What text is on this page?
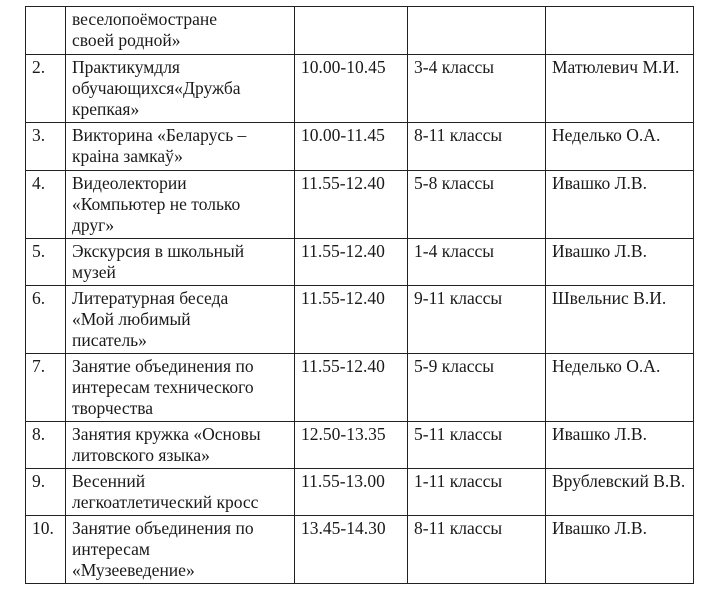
	веселопоёмостране
своей родной»			

2.	Практикумдля
обучающихся«Дружба
крепкая»	10.00-10.45	3-4 классы	Матюлевич М.И.
3.	Викторина «Беларусь –
краіна замкаў»	10.00-11.45	8-11 классы	Неделько О.А.
4.	Видеолектории
«Компьютер не только
друг»	11.55-12.40	5-8 классы	Ивашко Л.В.
5.	Экскурсия в школьный
музей	11.55-12.40	1-4 классы	Ивашко Л.В.
6.	Литературная беседа
«Мой любимый
писатель»	11.55-12.40	9-11 классы	Швельнис В.И.
7.	Занятие объединения по
интересам технического
творчества	11.55-12.40	5-9 классы	Неделько О.А.
8.	Занятия кружка «Основы
литовского языка»	12.50-13.35	5-11 классы	Ивашко Л.В.
9.	Весенний
легкоатлетический кросс	11.55-13.00	1-11 классы	Врублевский В.В.
10.	Занятие объединения по
интересам
«Музееведение»	13.45-14.30	8-11 классы	Ивашко Л.В.
